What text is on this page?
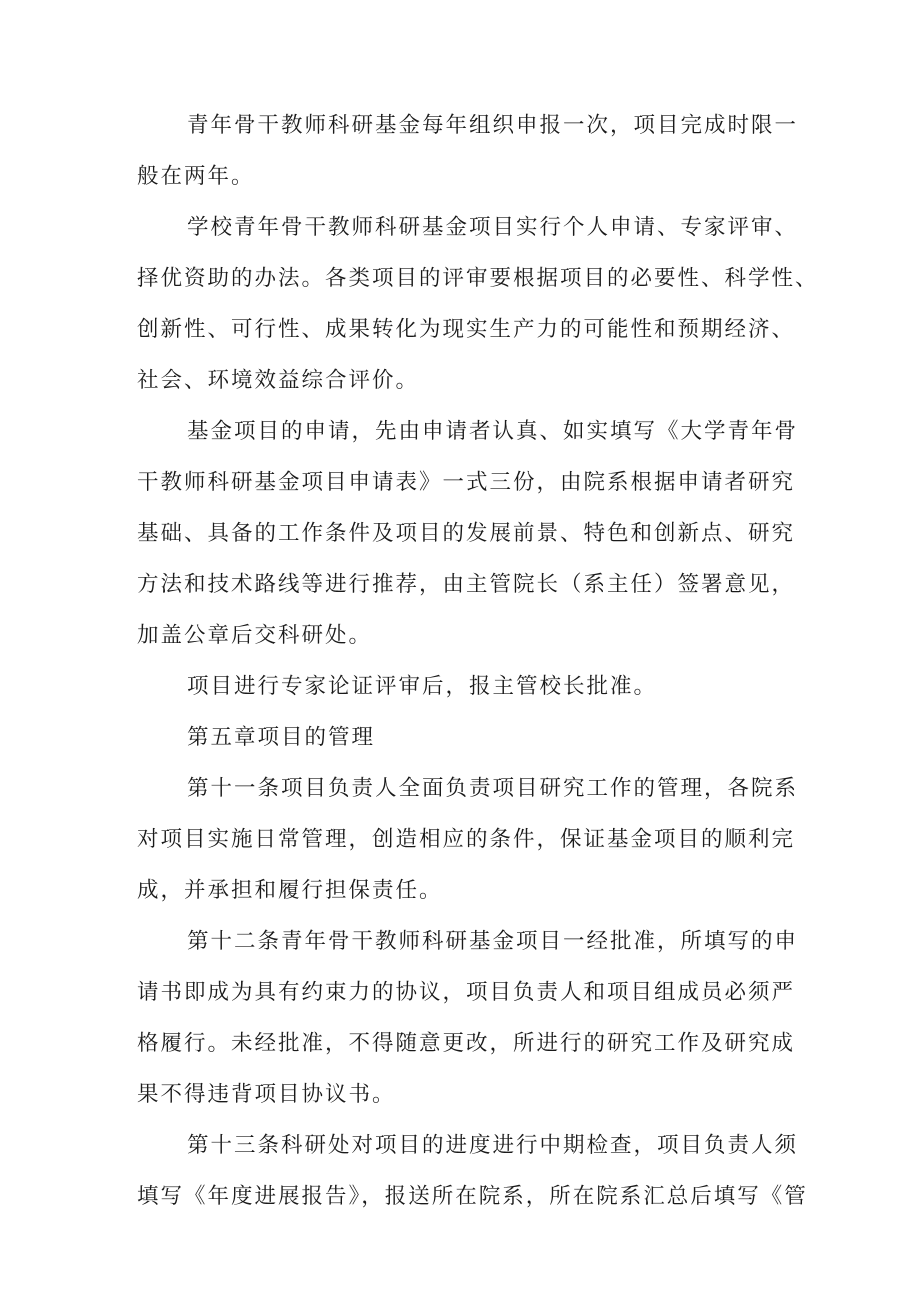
青年骨干教师科研基金每年组织申报一次，项目完成时限一
般在两年。
学校青年骨干教师科研基金项目实行个人申请、专家评审、
择优资助的办法。各类项目的评审要根据项目的必要性、科学性、
创新性、可行性、成果转化为现实生产力的可能性和预期经济、
社会、环境效益综合评价。
基金项目的申请，先由申请者认真、如实填写《大学青年骨
干教师科研基金项目申请表》一式三份，由院系根据申请者研究
基础、具备的工作条件及项目的发展前景、特色和创新点、研究
方法和技术路线等进行推荐，由主管院长（系主任）签署意见，
加盖公章后交科研处。
项目进行专家论证评审后，报主管校长批准。
第五章项目的管理
第十一条项目负责人全面负责项目研究工作的管理，各院系
对项目实施日常管理，创造相应的条件，保证基金项目的顺利完
成，并承担和履行担保责任。
第十二条青年骨干教师科研基金项目一经批准，所填写的申
请书即成为具有约束力的协议，项目负责人和项目组成员必须严
格履行。未经批准，不得随意更改，所进行的研究工作及研究成
果不得违背项目协议书。
第十三条科研处对项目的进度进行中期检查，项目负责人须
填写《年度进展报告》，报送所在院系，所在院系汇总后填写《管
